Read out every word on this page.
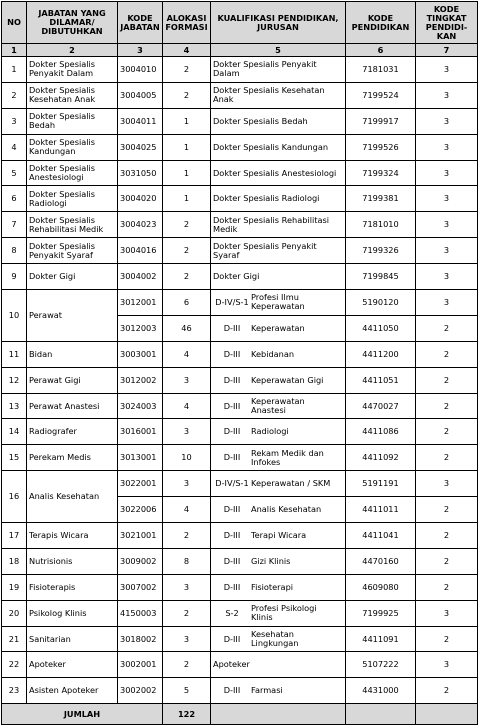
NO	JABATAN YANG DILAMAR/ DIBUTUHKAN	KODE JABATAN	ALOKASI FORMASI	KUALIFIKASI PENDIDIKAN, JURUSAN	KODE PENDIDIKAN	KODE TINGKAT PENDIDI-KAN
1	2	3	4	5	6	7
1	Dokter Spesialis Penyakit Dalam	3004010	2	Dokter Spesialis Penyakit Dalam	7181031	3
2	Dokter Spesialis Kesehatan Anak	3004005	2	Dokter Spesialis Kesehatan Anak	7199524	3
3	Dokter Spesialis Bedah	3004011	1	Dokter Spesialis Bedah	7199917	3
4	Dokter Spesialis Kandungan	3004025	1	Dokter Spesialis Kandungan	7199526	3
5	Dokter Spesialis Anestesiologi	3031050	1	Dokter Spesialis Anestesiologi	7199324	3
6	Dokter Spesialis Radiologi	3004020	1	Dokter Spesialis Radiologi	7199381	3
7	Dokter Spesialis Rehabilitasi Medik	3004023	2	Dokter Spesialis Rehabilitasi Medik	7181010	3
8	Dokter Spesialis Penyakit Syaraf	3004016	2	Dokter Spesialis Penyakit Syaraf	7199326	3
9	Dokter Gigi	3004002	2	Dokter Gigi	7199845	3
10	Perawat	3012001	6	D-IV/S-1 Profesi Ilmu Keperawatan	5190120	3
		3012003	46	D-III Keperawatan	4411050	2
11	Bidan	3003001	4	D-III Kebidanan	4411200	2
12	Perawat Gigi	3012002	3	D-III Keperawatan Gigi	4411051	2
13	Perawat Anastesi	3024003	4	D-III Keperawatan Anastesi	4470027	2
14	Radiografer	3016001	3	D-III Radiologi	4411086	2
15	Perekam Medis	3013001	10	D-III Rekam Medik dan Infokes	4411092	2
16	Analis Kesehatan	3022001	3	D-IV/S-1 Keperawatan / SKM	5191191	3
		3022006	4	D-III Analis Kesehatan	4411011	2
17	Terapis Wicara	3021001	2	D-III Terapi Wicara	4411041	2
18	Nutrisionis	3009002	8	D-III Gizi Klinis	4470160	2
19	Fisioterapis	3007002	3	D-III Fisioterapi	4609080	2
20	Psikolog Klinis	4150003	2	S-2 Profesi Psikologi Klinis	7199925	3
21	Sanitarian	3018002	3	D-III Kesehatan Lingkungan	4411091	2
22	Apoteker	3002001	2	Apoteker	5107222	3
23	Asisten Apoteker	3002002	5	D-III Farmasi	4431000	2
JUMLAH			122			
